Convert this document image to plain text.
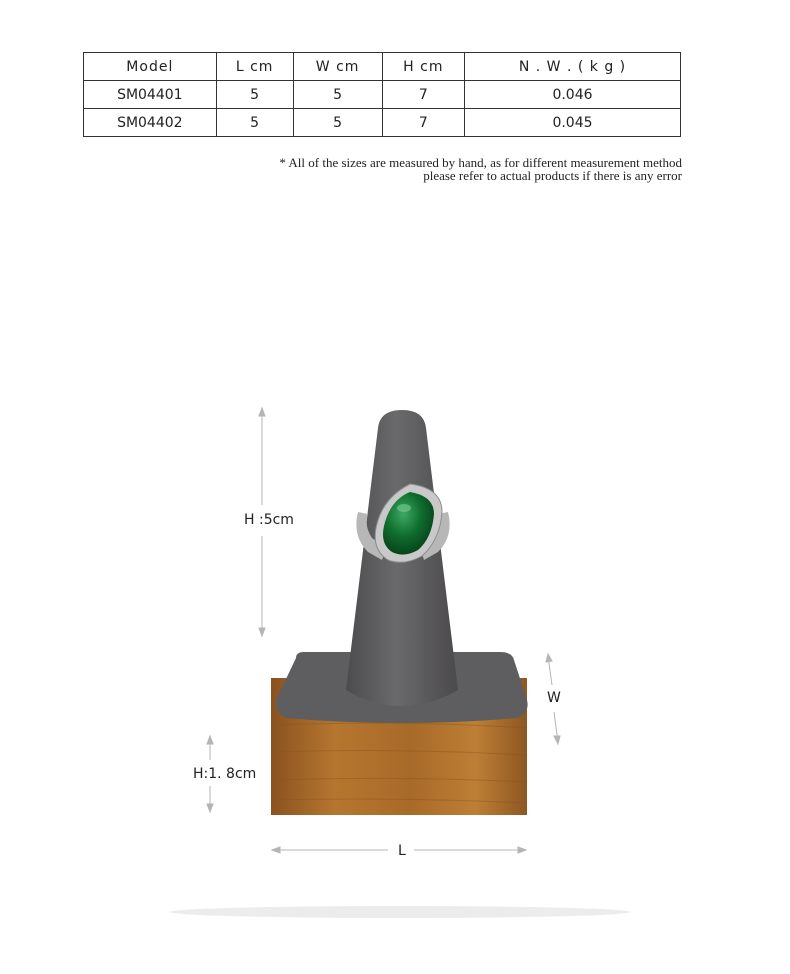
Model	L cm	W cm	H cm	N . W . ( k g )
SM04401	5	5	7	0.046
SM04402	5	5	7	0.045
* All of the sizes are measured by hand, as for different measurement method
please refer to actual products if there is any error
H :5cm
H:1. 8cm
W
L
